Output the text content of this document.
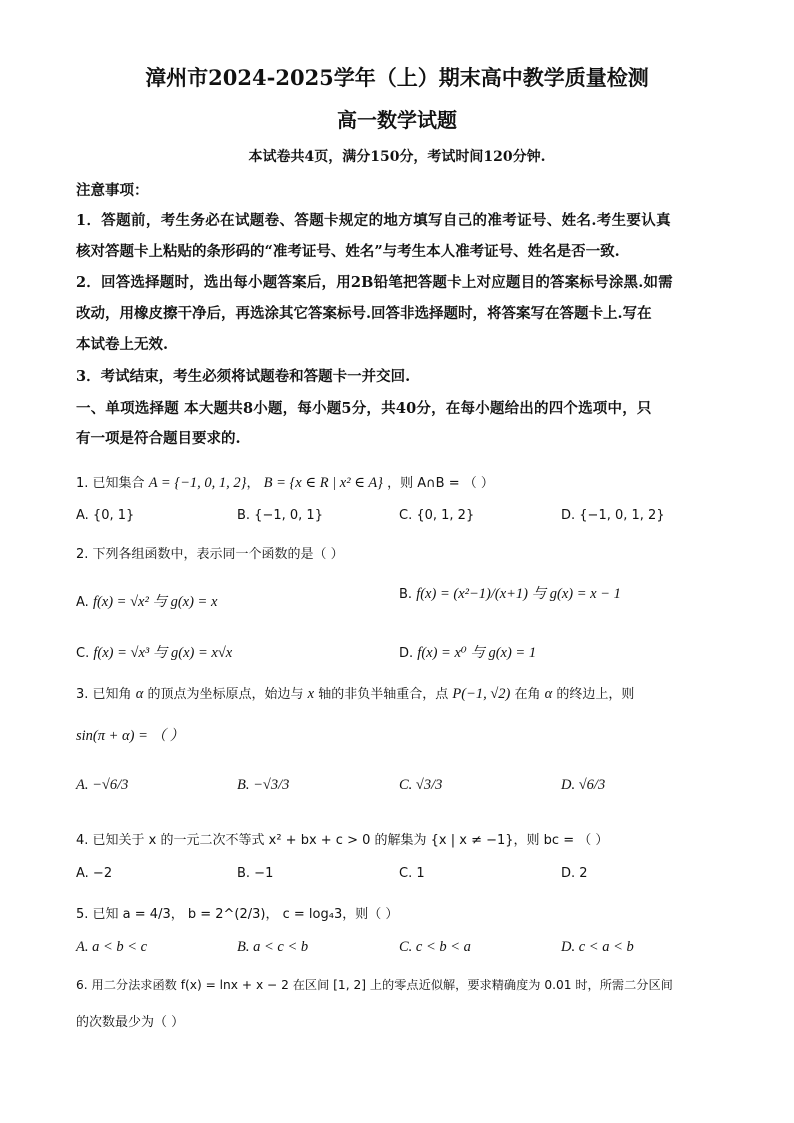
漳州市2024-2025学年（上）期末高中教学质量检测
高一数学试题
本试卷共4页，满分150分，考试时间120分钟.
注意事项：
1．答题前，考生务必在试题卷、答题卡规定的地方填写自己的准考证号、姓名.考生要认真
核对答题卡上粘贴的条形码的“准考证号、姓名”与考生本人准考证号、姓名是否一致.
2．回答选择题时，选出每小题答案后，用2B铅笔把答题卡上对应题目的答案标号涂黑.如需
改动，用橡皮擦干净后，再选涂其它答案标号.回答非选择题时，将答案写在答题卡上.写在
本试卷上无效.
3．考试结束，考生必须将试题卷和答题卡一并交回.
一、单项选择题 本大题共8小题，每小题5分，共40分，在每小题给出的四个选项中，只
有一项是符合题目要求的.
1. 已知集合 A = {−1, 0, 1, 2}， B = {x ∈ R | x² ∈ A} ，则 A∩B = （ ）
A. {0, 1}	B. {−1, 0, 1}	C. {0, 1, 2}	D. {−1, 0, 1, 2}
2. 下列各组函数中，表示同一个函数的是（ ）
A. f(x) = √x² 与 g(x) = x	B. f(x) = (x²−1)/(x+1) 与 g(x) = x − 1
C. f(x) = √x³ 与 g(x) = x√x	D. f(x) = x⁰ 与 g(x) = 1
3. 已知角 α 的顶点为坐标原点，始边与 x 轴的非负半轴重合，点 P(−1, √2) 在角 α 的终边上，则
sin(π + α) = （ ）
A. −√6/3	B. −√3/3	C. √3/3	D. √6/3
4. 已知关于 x 的一元二次不等式 x² + bx + c > 0 的解集为 {x | x ≠ −1}，则 bc = （ ）
A. −2	B. −1	C. 1	D. 2
5. 已知 a = 4/3， b = 2^(2/3)， c = log₄3，则（ ）
A. a < b < c	B. a < c < b	C. c < b < a	D. c < a < b
6. 用二分法求函数 f(x) = lnx + x − 2 在区间 [1, 2] 上的零点近似解，要求精确度为 0.01 时，所需二分区间
的次数最少为（ ）
